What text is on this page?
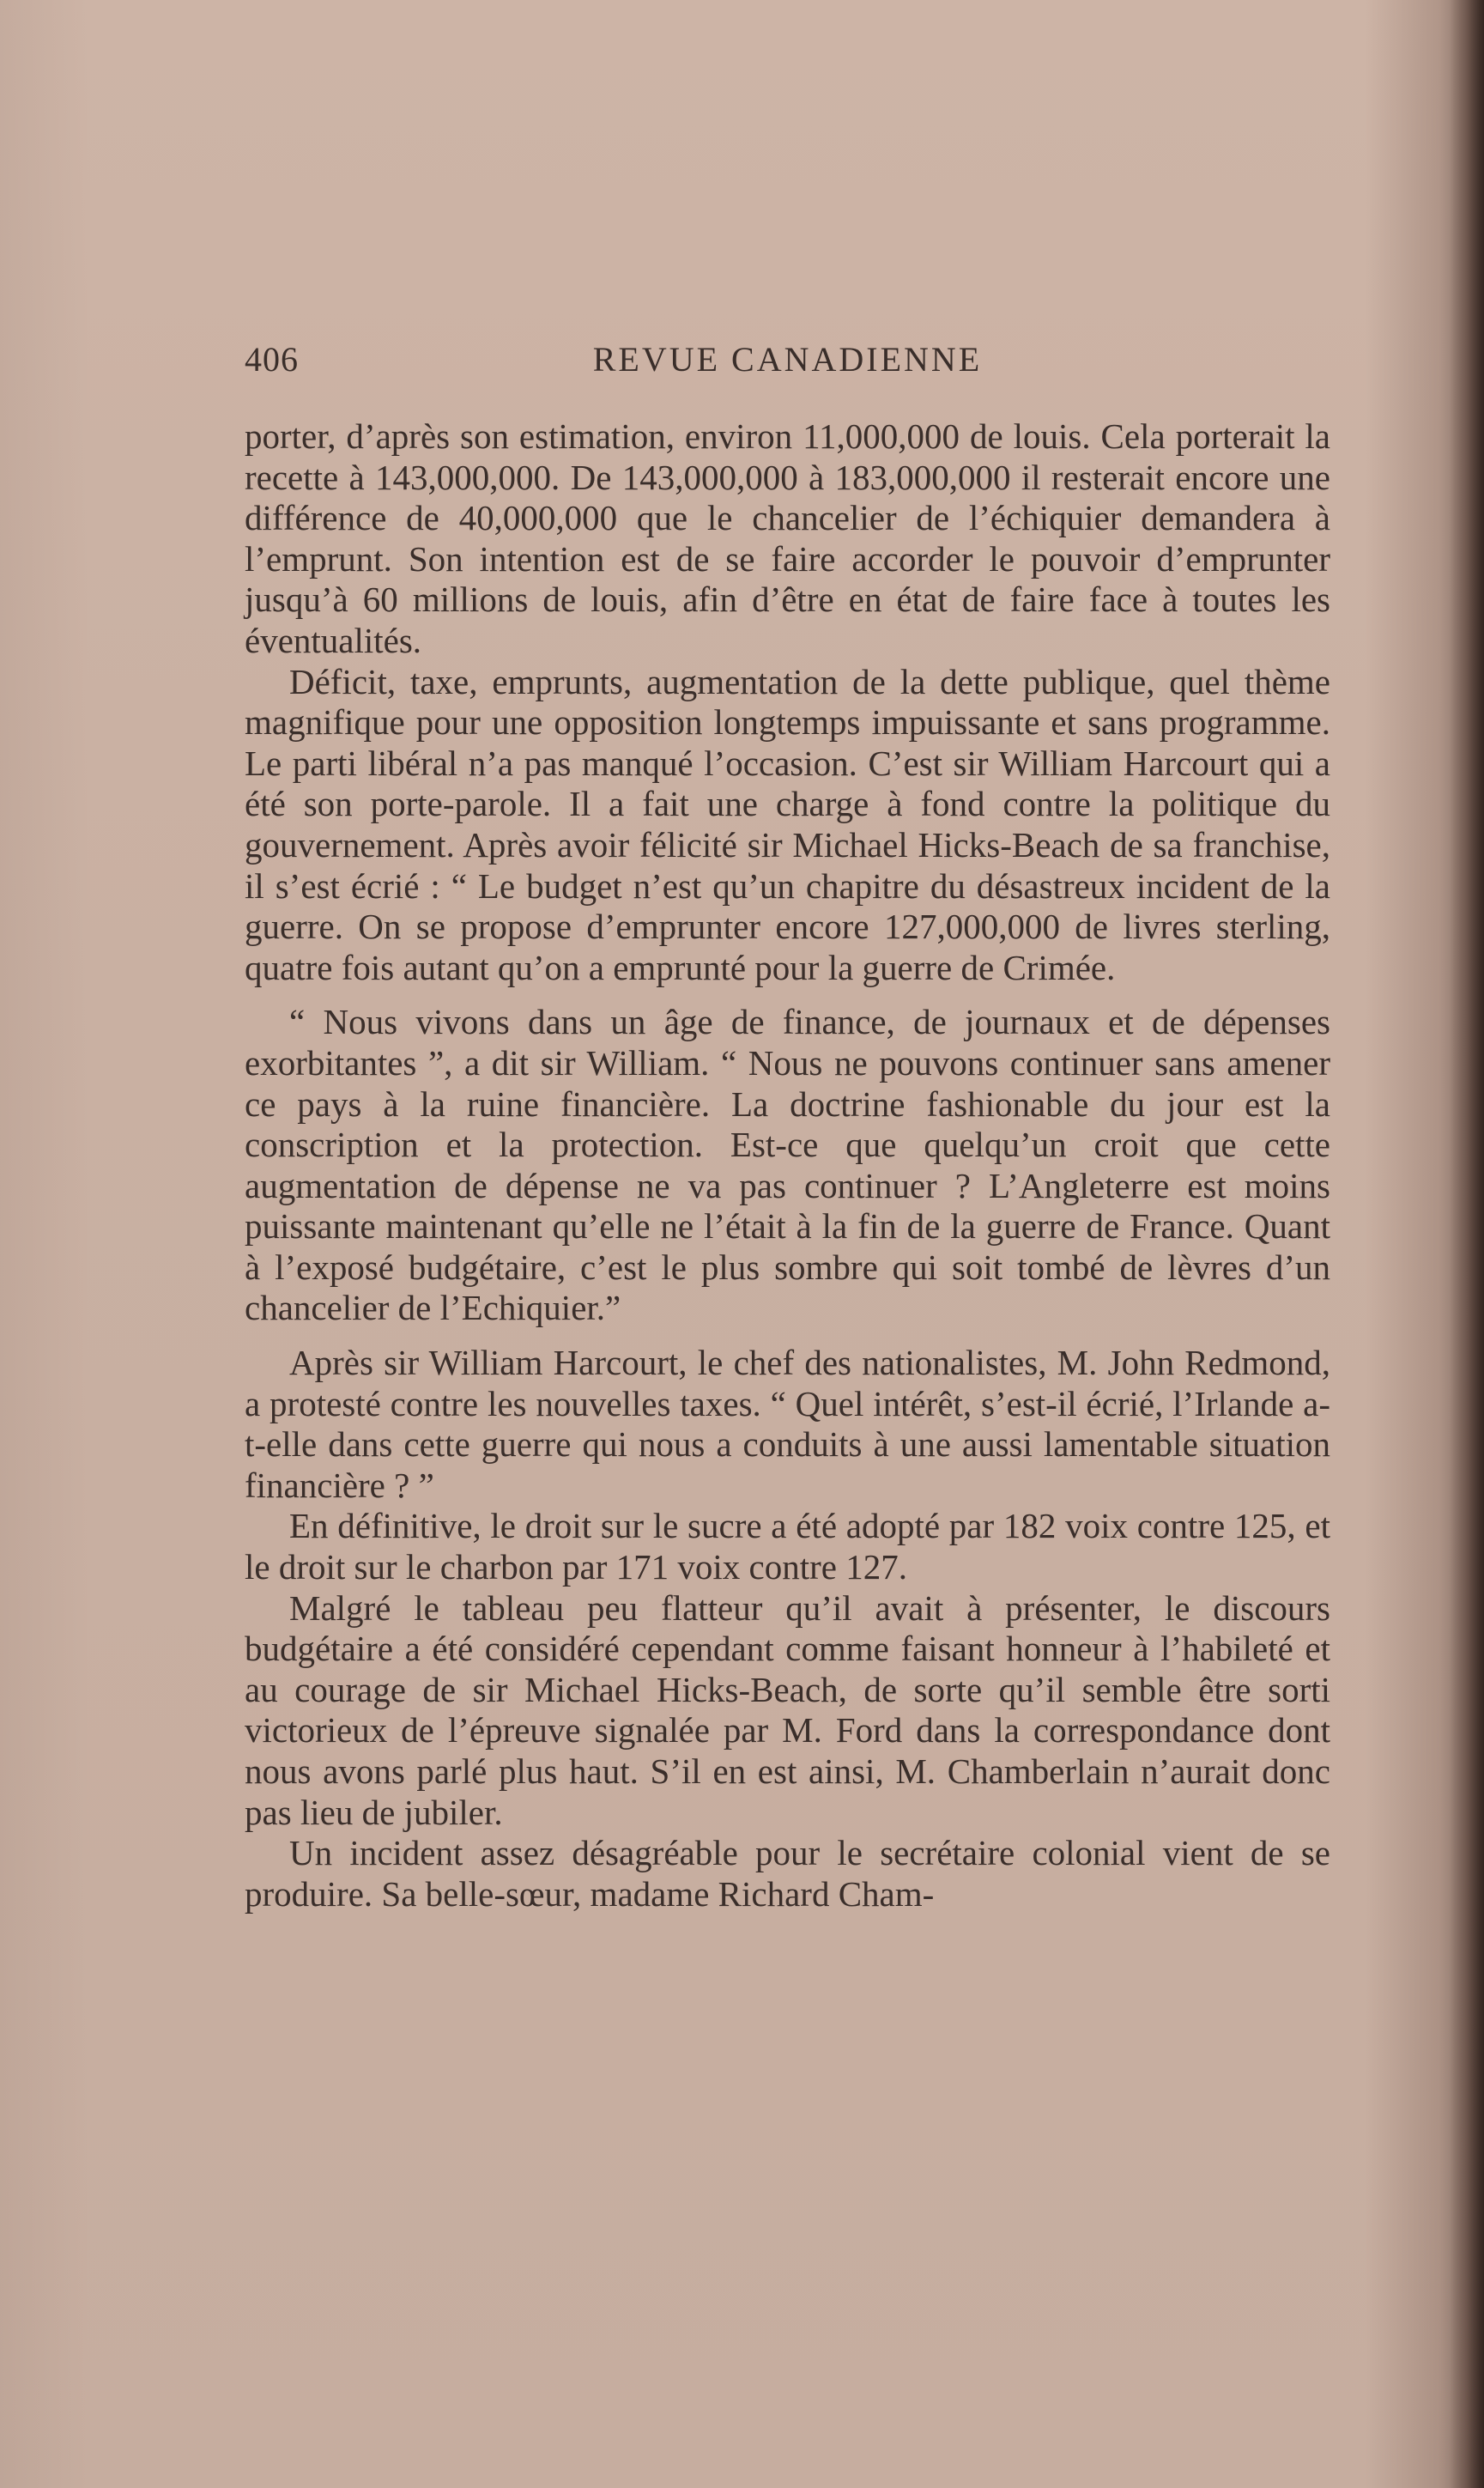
406	REVUE CANADIENNE

porter, d’après son estimation, environ 11,000,000 de louis. Cela porterait la recette à 143,000,000. De 143,000,000 à 183,000,000 il resterait encore une différence de 40,000,000 que le chancelier de l’échiquier demandera à l’emprunt. Son intention est de se faire accorder le pouvoir d’emprunter jusqu’à 60 millions de louis, afin d’être en état de faire face à toutes les éventualités.

Déficit, taxe, emprunts, augmentation de la dette publique, quel thème magnifique pour une opposition longtemps impuissante et sans programme. Le parti libéral n’a pas manqué l’occasion. C’est sir William Harcourt qui a été son porte-parole. Il a fait une charge à fond contre la politique du gouvernement. Après avoir félicité sir Michael Hicks-Beach de sa franchise, il s’est écrié : “ Le budget n’est qu’un chapitre du désastreux incident de la guerre. On se propose d’emprunter encore 127,000,000 de livres sterling, quatre fois autant qu’on a emprunté pour la guerre de Crimée.

“ Nous vivons dans un âge de finance, de journaux et de dépenses exorbitantes ”, a dit sir William. “ Nous ne pouvons continuer sans amener ce pays à la ruine financière. La doctrine fashionable du jour est la conscription et la protection. Est-ce que quelqu’un croit que cette augmentation de dépense ne va pas continuer ? L’Angleterre est moins puissante maintenant qu’elle ne l’était à la fin de la guerre de France. Quant à l’exposé budgétaire, c’est le plus sombre qui soit tombé de lèvres d’un chancelier de l’Echiquier.”

Après sir William Harcourt, le chef des nationalistes, M. John Redmond, a protesté contre les nouvelles taxes. “ Quel intérêt, s’est-il écrié, l’Irlande a-t-elle dans cette guerre qui nous a conduits à une aussi lamentable situation financière ? ”

En définitive, le droit sur le sucre a été adopté par 182 voix contre 125, et le droit sur le charbon par 171 voix contre 127.

Malgré le tableau peu flatteur qu’il avait à présenter, le discours budgétaire a été considéré cependant comme faisant honneur à l’habileté et au courage de sir Michael Hicks-Beach, de sorte qu’il semble être sorti victorieux de l’épreuve signalée par M. Ford dans la correspondance dont nous avons parlé plus haut. S’il en est ainsi, M. Chamberlain n’aurait donc pas lieu de jubiler.

Un incident assez désagréable pour le secrétaire colonial vient de se produire. Sa belle-sœur, madame Richard Cham-
